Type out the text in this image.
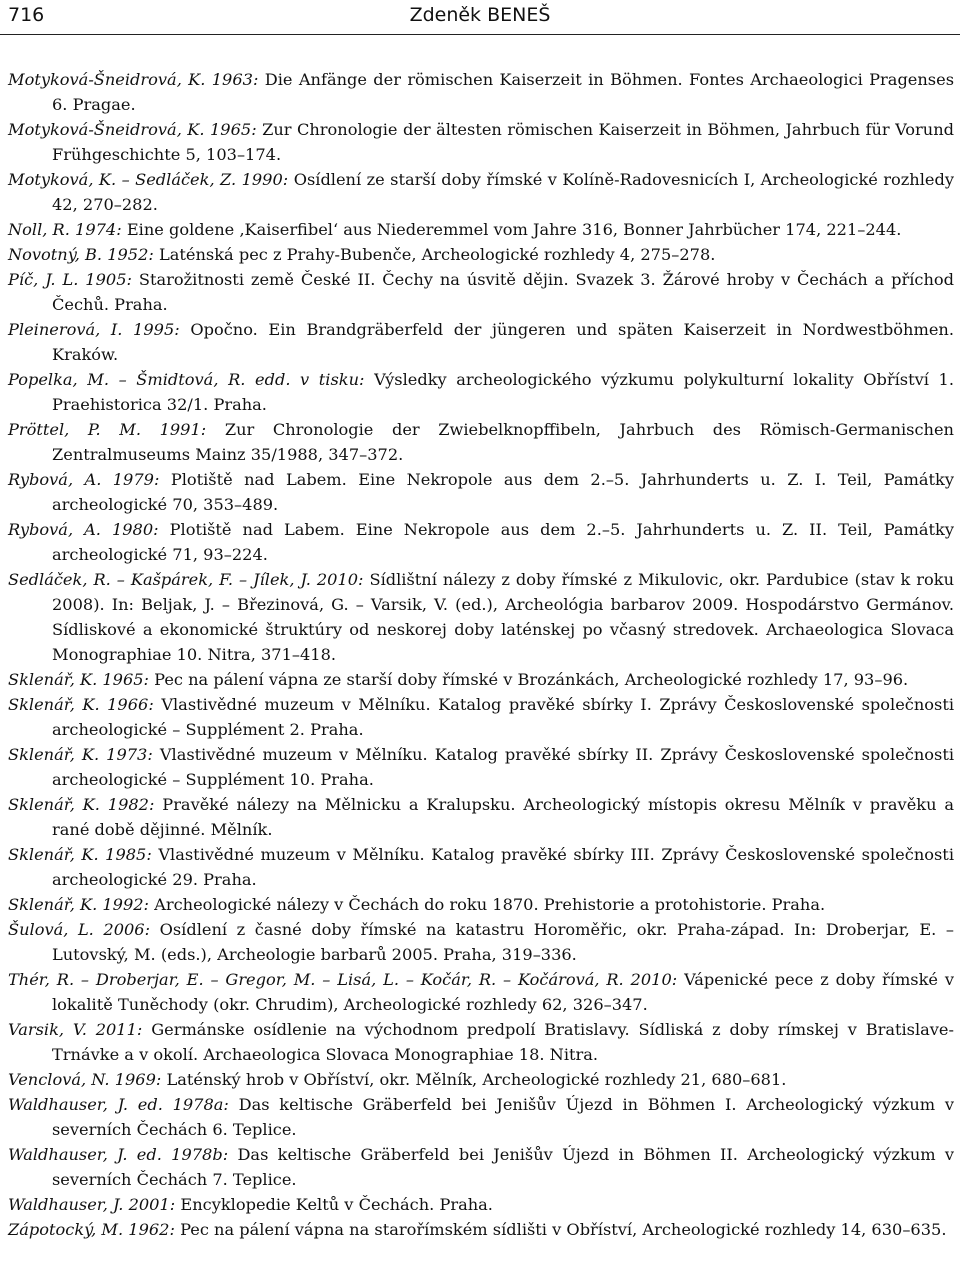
716	Zdeněk BENEŠ

Motyková-Šneidrová, K. 1963: Die Anfänge der römischen Kaiserzeit in Böhmen. Fontes Archaeologici Pragenses 6. Pragae.

Motyková-Šneidrová, K. 1965: Zur Chronologie der ältesten römischen Kaiserzeit in Böhmen, Jahrbuch für Vorund Frühgeschichte 5, 103–174.

Motyková, K. – Sedláček, Z. 1990: Osídlení ze starší doby římské v Kolíně-Radovesnicích I, Archeologické rozhledy 42, 270–282.

Noll, R. 1974: Eine goldene ‚Kaiserfibel‘ aus Niederemmel vom Jahre 316, Bonner Jahrbücher 174, 221–244.

Novotný, B. 1952: Laténská pec z Prahy-Bubenče, Archeologické rozhledy 4, 275–278.

Píč, J. L. 1905: Starožitnosti země České II. Čechy na úsvitě dějin. Svazek 3. Žárové hroby v Čechách a příchod Čechů. Praha.

Pleinerová, I. 1995: Opočno. Ein Brandgräberfeld der jüngeren und späten Kaiserzeit in Nordwestböhmen. Kraków.

Popelka, M. – Šmidtová, R. edd. v tisku: Výsledky archeologického výzkumu polykulturní lokality Obříství 1. Praehistorica 32/1. Praha.

Pröttel, P. M. 1991: Zur Chronologie der Zwiebelknopffibeln, Jahrbuch des Römisch-Germanischen Zentralmuseums Mainz 35/1988, 347–372.

Rybová, A. 1979: Plotiště nad Labem. Eine Nekropole aus dem 2.–5. Jahrhunderts u. Z. I. Teil, Památky archeologické 70, 353–489.

Rybová, A. 1980: Plotiště nad Labem. Eine Nekropole aus dem 2.–5. Jahrhunderts u. Z. II. Teil, Památky archeologické 71, 93–224.

Sedláček, R. – Kašpárek, F. – Jílek, J. 2010: Sídlištní nálezy z doby římské z Mikulovic, okr. Pardubice (stav k roku 2008). In: Beljak, J. – Březinová, G. – Varsik, V. (ed.), Archeológia barbarov 2009. Hospodárstvo Germánov. Sídliskové a ekonomické štruktúry od neskorej doby laténskej po včasný stredovek. Archaeologica Slovaca Monographiae 10. Nitra, 371–418.

Sklenář, K. 1965: Pec na pálení vápna ze starší doby římské v Brozánkách, Archeologické rozhledy 17, 93–96.

Sklenář, K. 1966: Vlastivědné muzeum v Mělníku. Katalog pravěké sbírky I. Zprávy Československé společnosti archeologické – Supplément 2. Praha.

Sklenář, K. 1973: Vlastivědné muzeum v Mělníku. Katalog pravěké sbírky II. Zprávy Československé společnosti archeologické – Supplément 10. Praha.

Sklenář, K. 1982: Pravěké nálezy na Mělnicku a Kralupsku. Archeologický místopis okresu Mělník v pravěku a rané době dějinné. Mělník.

Sklenář, K. 1985: Vlastivědné muzeum v Mělníku. Katalog pravěké sbírky III. Zprávy Československé společnosti archeologické 29. Praha.

Sklenář, K. 1992: Archeologické nálezy v Čechách do roku 1870. Prehistorie a protohistorie. Praha.

Šulová, L. 2006: Osídlení z časné doby římské na katastru Horoměřic, okr. Praha-západ. In: Droberjar, E. – Lutovský, M. (eds.), Archeologie barbarů 2005. Praha, 319–336.

Thér, R. – Droberjar, E. – Gregor, M. – Lisá, L. – Kočár, R. – Kočárová, R. 2010: Vápenické pece z doby římské v lokalitě Tuněchody (okr. Chrudim), Archeologické rozhledy 62, 326–347.

Varsik, V. 2011: Germánske osídlenie na východnom predpolí Bratislavy. Sídliská z doby rímskej v Bratislave-Trnávke a v okolí. Archaeologica Slovaca Monographiae 18. Nitra.

Venclová, N. 1969: Laténský hrob v Obříství, okr. Mělník, Archeologické rozhledy 21, 680–681.

Waldhauser, J. ed. 1978a: Das keltische Gräberfeld bei Jenišův Újezd in Böhmen I. Archeologický výzkum v severních Čechách 6. Teplice.

Waldhauser, J. ed. 1978b: Das keltische Gräberfeld bei Jenišův Újezd in Böhmen II. Archeologický výzkum v severních Čechách 7. Teplice.

Waldhauser, J. 2001: Encyklopedie Keltů v Čechách. Praha.

Zápotocký, M. 1962: Pec na pálení vápna na starořímském sídlišti v Obříství, Archeologické rozhledy 14, 630–635.
